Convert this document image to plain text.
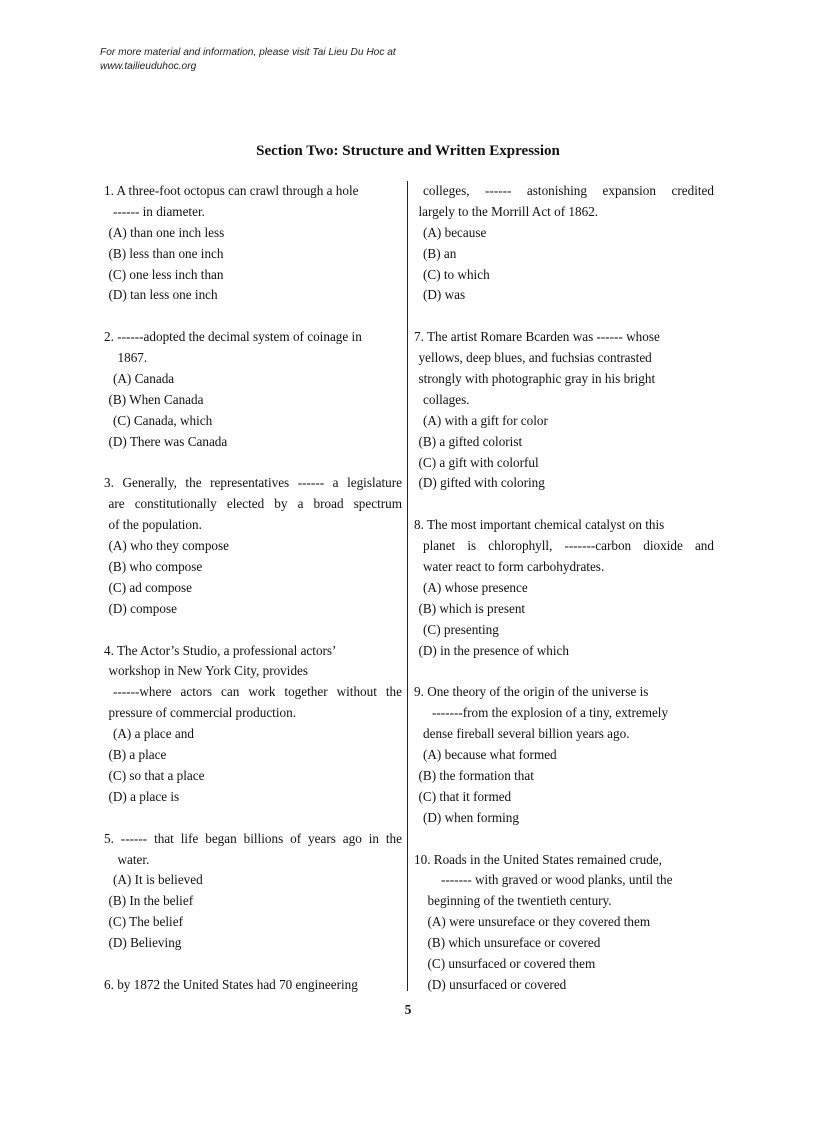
For more material and information, please visit Tai Lieu Du Hoc at
www.tailieuduhoc.org
Section Two: Structure and Written Expression
1. A three-foot octopus can crawl through a hole
------ in diameter.
(A) than one inch less
(B) less than one inch
(C) one less inch than
(D) tan less one inch
2. ------adopted the decimal system of coinage in
1867.
(A) Canada
(B) When Canada
(C) Canada, which
(D) There was Canada
3. Generally, the representatives ------ a legislature
are constitutionally elected by a broad spectrum
of the population.
(A) who they compose
(B) who compose
(C) ad compose
(D) compose
4. The Actor’s Studio, a professional actors’
workshop in New York City, provides
------where actors can work together without the
pressure of commercial production.
(A) a place and
(B) a place
(C) so that a place
(D) a place is
5. ------ that life began billions of years ago in the
water.
(A) It is believed
(B) In the belief
(C) The belief
(D) Believing
6. by 1872 the United States had 70 engineering
colleges, ------ astonishing expansion credited
largely to the Morrill Act of 1862.
(A) because
(B) an
(C) to which
(D) was
7. The artist Romare Bcarden was ------ whose
yellows, deep blues, and fuchsias contrasted
strongly with photographic gray in his bright
collages.
(A) with a gift for color
(B) a gifted colorist
(C) a gift with colorful
(D) gifted with coloring
8. The most important chemical catalyst on this
planet is chlorophyll, -------carbon dioxide and
water react to form carbohydrates.
(A) whose presence
(B) which is present
(C) presenting
(D) in the presence of which
9. One theory of the origin of the universe is
-------from the explosion of a tiny, extremely
dense fireball several billion years ago.
(A) because what formed
(B) the formation that
(C) that it formed
(D) when forming
10. Roads in the United States remained crude,
------- with graved or wood planks, until the
beginning of the twentieth century.
(A) were unsureface or they covered them
(B) which unsureface or covered
(C) unsurfaced or covered them
(D) unsurfaced or covered
5
